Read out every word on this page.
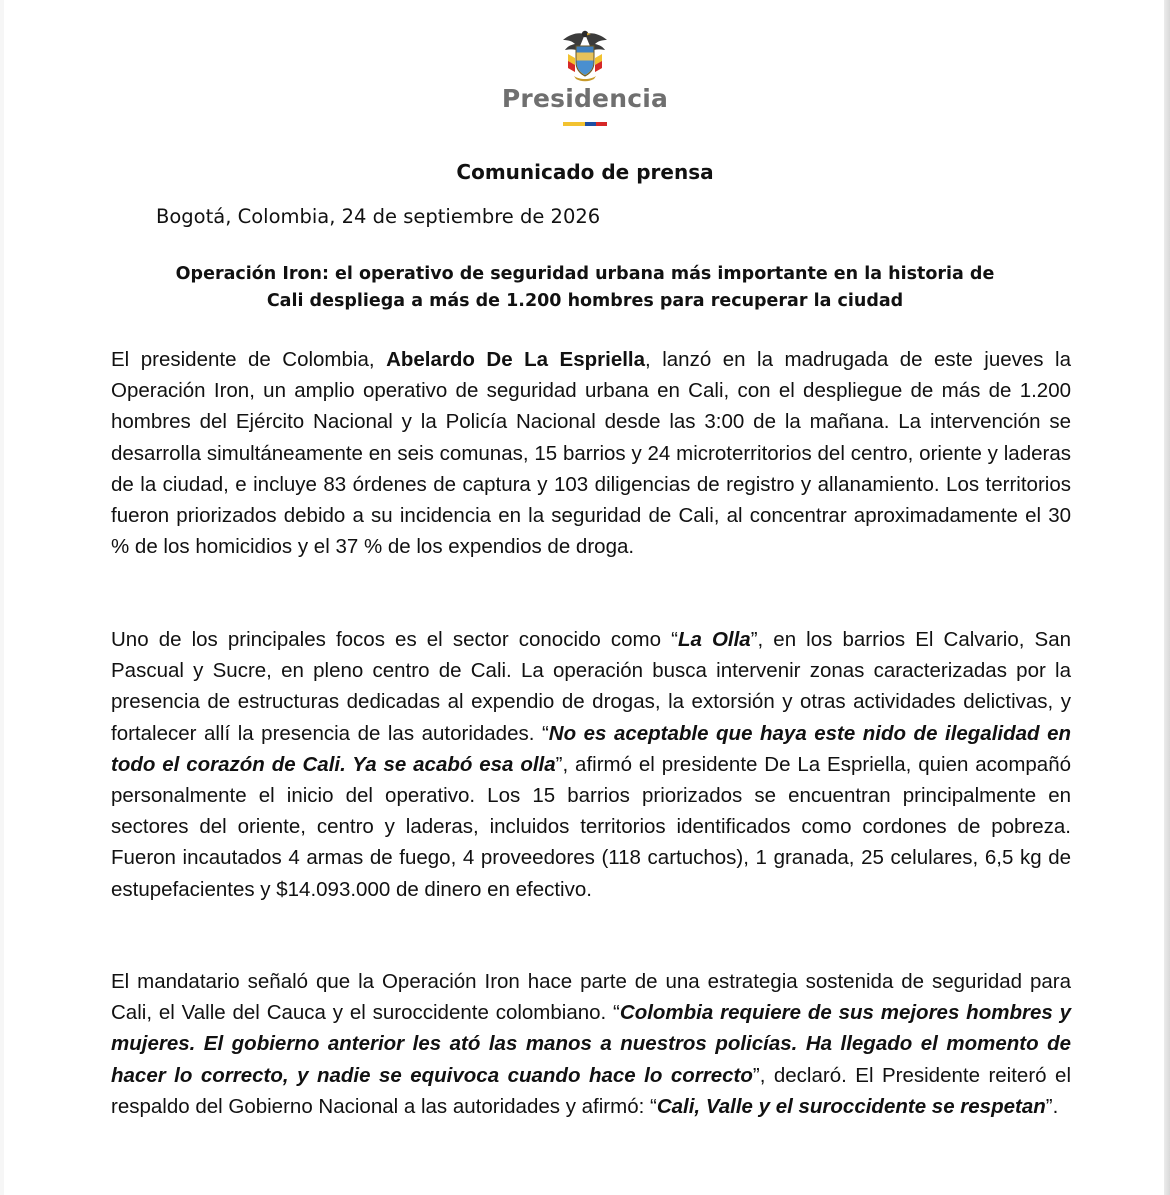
Presidencia
Comunicado de prensa
Bogotá, Colombia, 24 de septiembre de 2026
Operación Iron: el operativo de seguridad urbana más importante en la historia de
Cali despliega a más de 1.200 hombres para recuperar la ciudad

El presidente de Colombia, Abelardo De La Espriella, lanzó en la madrugada de este jueves la Operación Iron, un amplio operativo de seguridad urbana en Cali, con el despliegue de más de 1.200 hombres del Ejército Nacional y la Policía Nacional desde las 3:00 de la mañana. La intervención se desarrolla simultáneamente en seis comunas, 15 barrios y 24 microterritorios del centro, oriente y laderas de la ciudad, e incluye 83 órdenes de captura y 103 diligencias de registro y allanamiento. Los territorios fueron priorizados debido a su incidencia en la seguridad de Cali, al concentrar aproximadamente el 30 % de los homicidios y el 37 % de los expendios de droga.

Uno de los principales focos es el sector conocido como “La Olla”, en los barrios El Calvario, San Pascual y Sucre, en pleno centro de Cali. La operación busca intervenir zonas caracterizadas por la presencia de estructuras dedicadas al expendio de drogas, la extorsión y otras actividades delictivas, y fortalecer allí la presencia de las autoridades. “No es aceptable que haya este nido de ilegalidad en todo el corazón de Cali. Ya se acabó esa olla”, afirmó el presidente De La Espriella, quien acompañó personalmente el inicio del operativo. Los 15 barrios priorizados se encuentran principalmente en sectores del oriente, centro y laderas, incluidos territorios identificados como cordones de pobreza. Fueron incautados 4 armas de fuego, 4 proveedores (118 cartuchos), 1 granada, 25 celulares, 6,5 kg de estupefacientes y $14.093.000 de dinero en efectivo.

El mandatario señaló que la Operación Iron hace parte de una estrategia sostenida de seguridad para Cali, el Valle del Cauca y el suroccidente colombiano. “Colombia requiere de sus mejores hombres y mujeres. El gobierno anterior les ató las manos a nuestros policías. Ha llegado el momento de hacer lo correcto, y nadie se equivoca cuando hace lo correcto”, declaró. El Presidente reiteró el respaldo del Gobierno Nacional a las autoridades y afirmó: “Cali, Valle y el suroccidente se respetan”.
